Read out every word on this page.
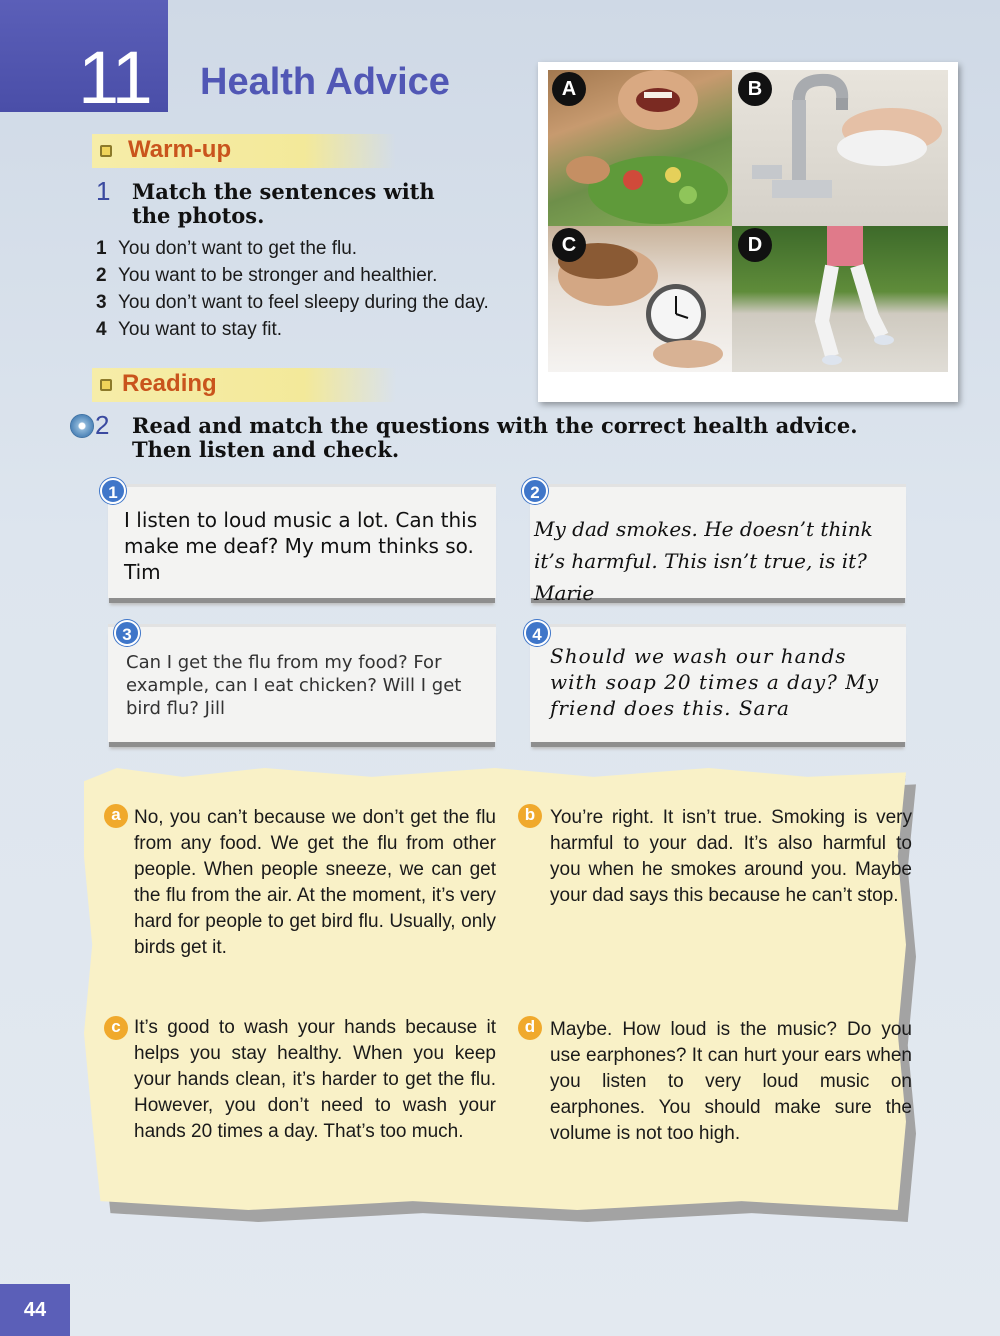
11 Health Advice
Warm-up
1 Match the sentences with the photos.
1 You don’t want to get the flu.
2 You want to be stronger and healthier.
3 You don’t want to feel sleepy during the day.
4 You want to stay fit.
A	B
C	D
Reading
2 Read and match the questions with the correct health advice. Then listen and check.
I listen to loud music a lot. Can this make me deaf? My mum thinks so. Tim
1
My dad smokes. He doesn’t think it’s harmful. This isn’t true, is it? Marie
2
Can I get the flu from my food? For example, can I eat chicken? Will I get bird flu? Jill
3
Should we wash our hands with soap 20 times a day? My friend does this. Sara
4
a No, you can’t because we don’t get the flu from any food. We get the flu from other people. When people sneeze, we can get the flu from the air. At the moment, it’s very hard for people to get bird flu. Usually, only birds get it.
b You’re right. It isn’t true. Smoking is very harmful to your dad. It’s also harmful to you when he smokes around you. Maybe your dad says this because he can’t stop.
c It’s good to wash your hands because it helps you stay healthy. When you keep your hands clean, it’s harder to get the flu. However, you don’t need to wash your hands 20 times a day. That’s too much.
d Maybe. How loud is the music? Do you use earphones? It can hurt your ears when you listen to very loud music on earphones. You should make sure the volume is not too high.
44
